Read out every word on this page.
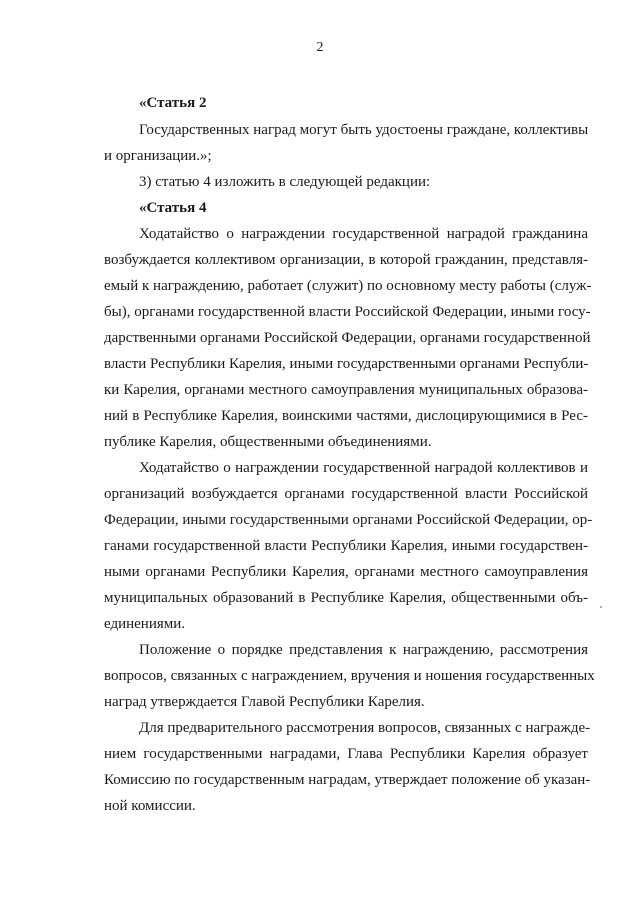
2
«Статья 2
Государственных наград могут быть удостоены граждане, коллективы
и организации.»;
3) статью 4 изложить в следующей редакции:
«Статья 4
Ходатайство о награждении государственной наградой гражданина
возбуждается коллективом организации, в которой гражданин, представля‑
емый к награждению, работает (служит) по основному месту работы (служ‑
бы), органами государственной власти Российской Федерации, иными госу‑
дарственными органами Российской Федерации, органами государственной
власти Республики Карелия, иными государственными органами Республи‑
ки Карелия, органами местного самоуправления муниципальных образова‑
ний в Республике Карелия, воинскими частями, дислоцирующимися в Рес‑
публике Карелия, общественными объединениями.
Ходатайство о награждении государственной наградой коллективов и
организаций возбуждается органами государственной власти Российской
Федерации, иными государственными органами Российской Федерации, ор‑
ганами государственной власти Республики Карелия, иными государствен‑
ными органами Республики Карелия, органами местного самоуправления
муниципальных образований в Республике Карелия, общественными объ‑
единениями.
Положение о порядке представления к награждению, рассмотрения
вопросов, связанных с награждением, вручения и ношения государственных
наград утверждается Главой Республики Карелия.
Для предварительного рассмотрения вопросов, связанных с награжде‑
нием государственными наградами, Глава Республики Карелия образует
Комиссию по государственным наградам, утверждает положение об указан‑
ной комиссии.
